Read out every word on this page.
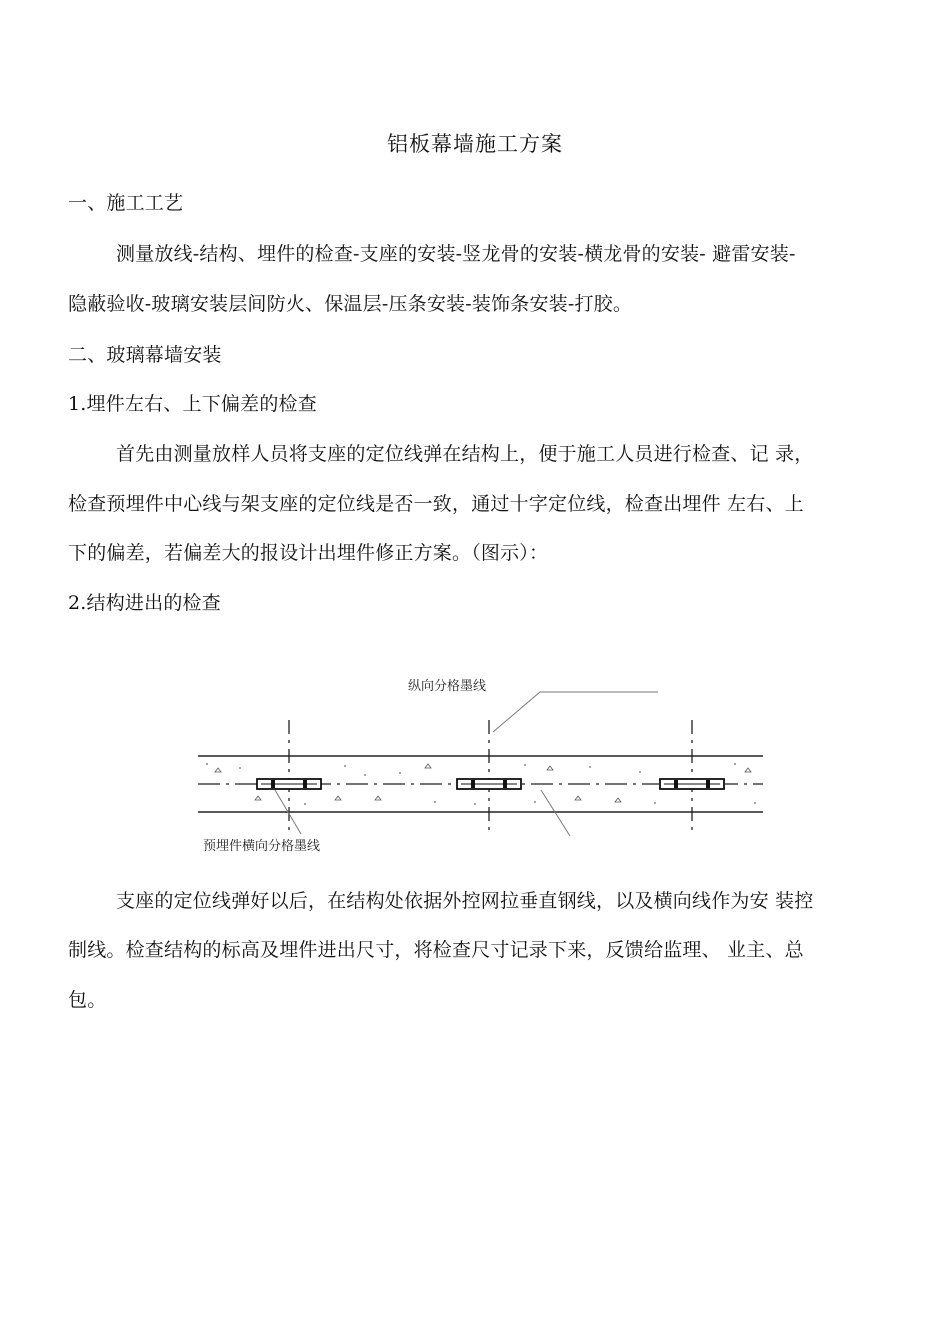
铝板幕墙施工方案
一、施工工艺
测量放线-结构、埋件的检查-支座的安装-竖龙骨的安装-横龙骨的安装- 避雷安装-
隐蔽验收-玻璃安装层间防火、保温层-压条安装-装饰条安装-打胶。
二、玻璃幕墙安装
1.埋件左右、上下偏差的检查
首先由测量放样人员将支座的定位线弹在结构上，便于施工人员进行检查、记 录，
检查预埋件中心线与架支座的定位线是否一致，通过十字定位线，检查出埋件 左右、上
下的偏差，若偏差大的报设计出埋件修正方案。（图示）：
2.结构进出的检查
纵向分格墨线
预埋件横向分格墨线
支座的定位线弹好以后，在结构处依据外控网拉垂直钢线，以及横向线作为安 装控
制线。检查结构的标高及埋件进出尺寸，将检查尺寸记录下来，反馈给监理、 业主、总
包。
